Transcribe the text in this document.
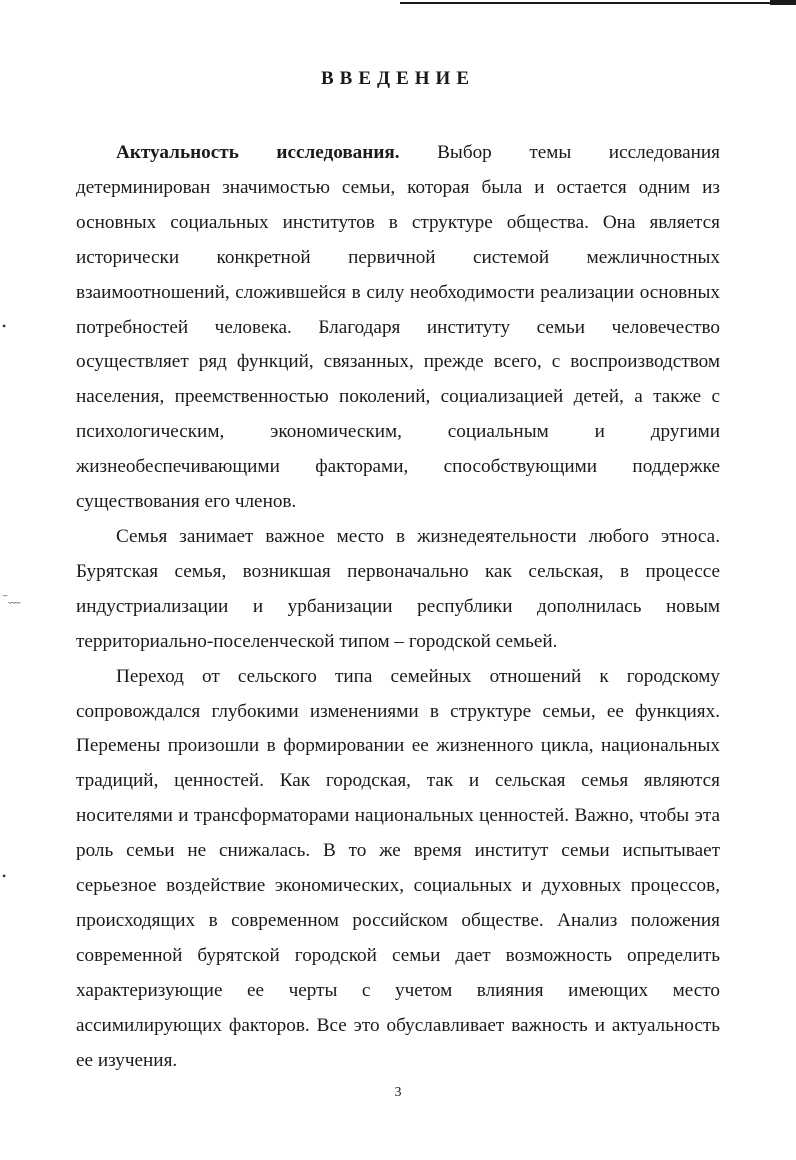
ВВЕДЕНИЕ

Актуальность исследования. Выбор темы исследования детерминирован значимостью семьи, которая была и остается одним из основных социальных институтов в структуре общества. Она является исторически конкретной первичной системой межличностных взаимоотношений, сложившейся в силу необходимости реализации основных потребностей человека. Благодаря институту семьи человечество осуществляет ряд функций, связанных, прежде всего, с воспроизводством населения, преемственностью поколений, социализацией детей, а также с психологическим, экономическим, социальным и другими жизнеобеспечивающими факторами, способствующими поддержке существования его членов.

Семья занимает важное место в жизнедеятельности любого этноса. Бурятская семья, возникшая первоначально как сельская, в процессе индустриализации и урбанизации республики дополнилась новым территориально-поселенческой типом – городской семьей.

Переход от сельского типа семейных отношений к городскому сопровождался глубокими изменениями в структуре семьи, ее функциях. Перемены произошли в формировании ее жизненного цикла, национальных традиций, ценностей. Как городская, так и сельская семья являются носителями и трансформаторами национальных ценностей. Важно, чтобы эта роль семьи не снижалась. В то же время институт семьи испытывает серьезное воздействие экономических, социальных и духовных процессов, происходящих в современном российском обществе. Анализ положения современной бурятской городской семьи дает возможность определить характеризующие ее черты с учетом влияния имеющих место ассимилирующих факторов. Все это обуславливает важность и актуальность ее изучения.

3
•
⁻﹏
•
